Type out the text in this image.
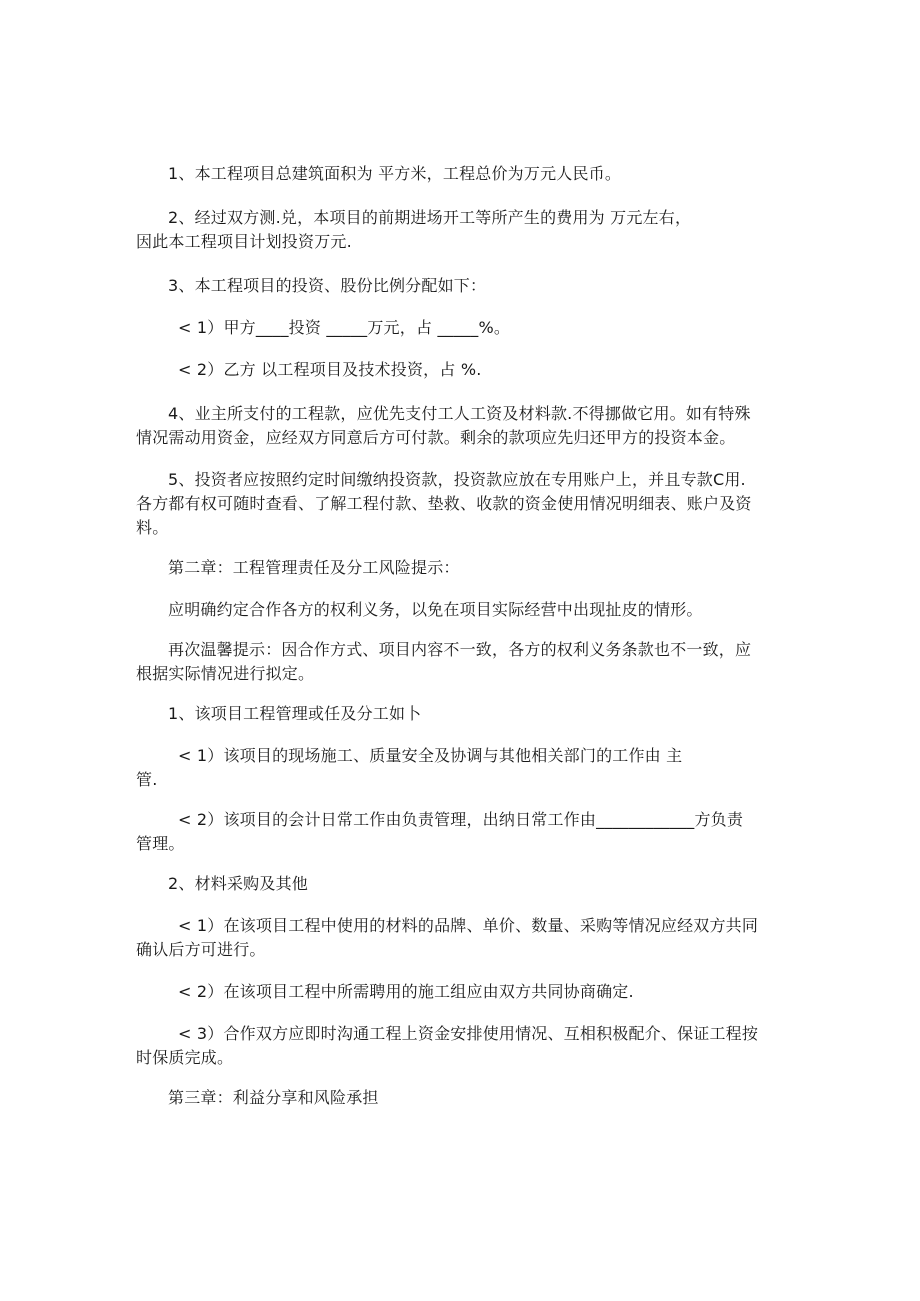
1、本工程项目总建筑面积为 平方米，工程总价为万元人民币。
2、经过双方测.兑，本项目的前期进场开工等所产生的费用为 万元左右，
因此本工程项目计划投资万元.
3、本工程项目的投资、股份比例分配如下：
< 1）甲方____投资 _____万元，占 _____%。
< 2）乙方 以工程项目及技术投资，占 %.
4、业主所支付的工程款，应优先支付工人工资及材料款.不得挪做它用。如有特殊
情况需动用资金，应经双方同意后方可付款。剩余的款项应先归还甲方的投资本金。
5、投资者应按照约定时间缴纳投资款，投资款应放在专用账户上，并且专款C用.
各方都有权可随时查看、了解工程付款、垫救、收款的资金使用情况明细表、账户及资
料。
第二章：工程管理责任及分工风险提示：
应明确约定合作各方的权利义务，以免在项目实际经营中出现扯皮的情形。
再次温馨提示：因合作方式、项目内容不一致，各方的权利义务条款也不一致，应
根据实际情况进行拟定。
1、该项目工程管理或任及分工如卜
< 1）该项目的现场施工、质量安全及协调与其他相关部门的工作由 主
管.
< 2）该项目的会计日常工作由负责管理，出纳日常工作由____________方负责
管理。
2、材料采购及其他
< 1）在该项目工程中使用的材料的品牌、单价、数量、采购等情况应经双方共同
确认后方可进行。
< 2）在该项目工程中所需聘用的施工组应由双方共同协商确定.
< 3）合作双方应即时沟通工程上资金安排使用情况、互相积极配介、保证工程按
时保质完成。
第三章：利益分享和风险承担
